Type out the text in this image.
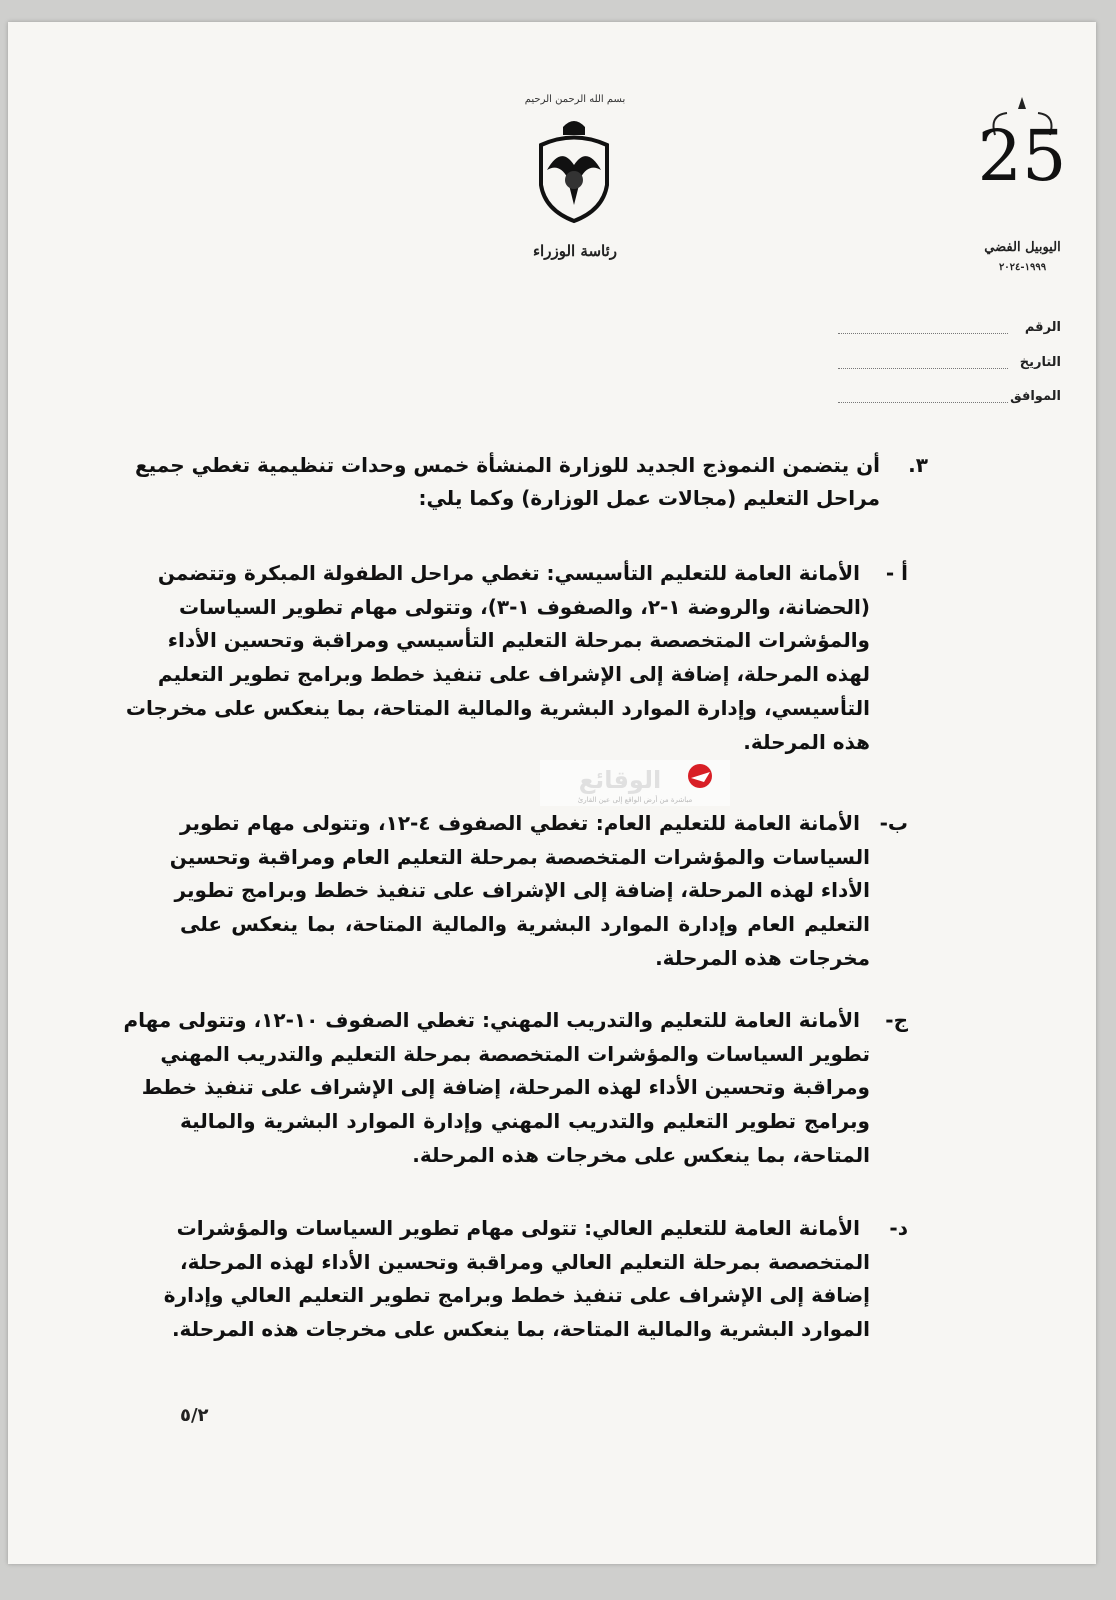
بسم الله الرحمن الرحيم
رئاسة الوزراء
25
اليوبيل الفضي
١٩٩٩-٢٠٢٤
الرقم
التاريخ
الموافق
٣.
أن يتضمن النموذج الجديد للوزارة المنشأة خمس وحدات تنظيمية تغطي جميع
مراحل التعليم (مجالات عمل الوزارة) وكما يلي:
أ -
الأمانة العامة للتعليم التأسيسي: تغطي مراحل الطفولة المبكرة وتتضمن
(الحضانة، والروضة ١-٢، والصفوف ١-٣)، وتتولى مهام تطوير السياسات
والمؤشرات المتخصصة بمرحلة التعليم التأسيسي ومراقبة وتحسين الأداء
لهذه المرحلة، إضافة إلى الإشراف على تنفيذ خطط وبرامج تطوير التعليم
التأسيسي، وإدارة الموارد البشرية والمالية المتاحة، بما ينعكس على مخرجات
هذه المرحلة.
ب-
الأمانة العامة للتعليم العام: تغطي الصفوف ٤-١٢، وتتولى مهام تطوير
السياسات والمؤشرات المتخصصة بمرحلة التعليم العام ومراقبة وتحسين
الأداء لهذه المرحلة، إضافة إلى الإشراف على تنفيذ خطط وبرامج تطوير
التعليم العام وإدارة الموارد البشرية والمالية المتاحة، بما ينعكس على
مخرجات هذه المرحلة.
ج-
الأمانة العامة للتعليم والتدريب المهني: تغطي الصفوف ١٠-١٢، وتتولى مهام
تطوير السياسات والمؤشرات المتخصصة بمرحلة التعليم والتدريب المهني
ومراقبة وتحسين الأداء لهذه المرحلة، إضافة إلى الإشراف على تنفيذ خطط
وبرامج تطوير التعليم والتدريب المهني وإدارة الموارد البشرية والمالية
المتاحة، بما ينعكس على مخرجات هذه المرحلة.
د-
الأمانة العامة للتعليم العالي: تتولى مهام تطوير السياسات والمؤشرات
المتخصصة بمرحلة التعليم العالي ومراقبة وتحسين الأداء لهذه المرحلة،
إضافة إلى الإشراف على تنفيذ خطط وبرامج تطوير التعليم العالي وإدارة
الموارد البشرية والمالية المتاحة، بما ينعكس على مخرجات هذه المرحلة.
الوقائع
مباشرة من أرض الواقع إلى عين القارئ
٥/٢
